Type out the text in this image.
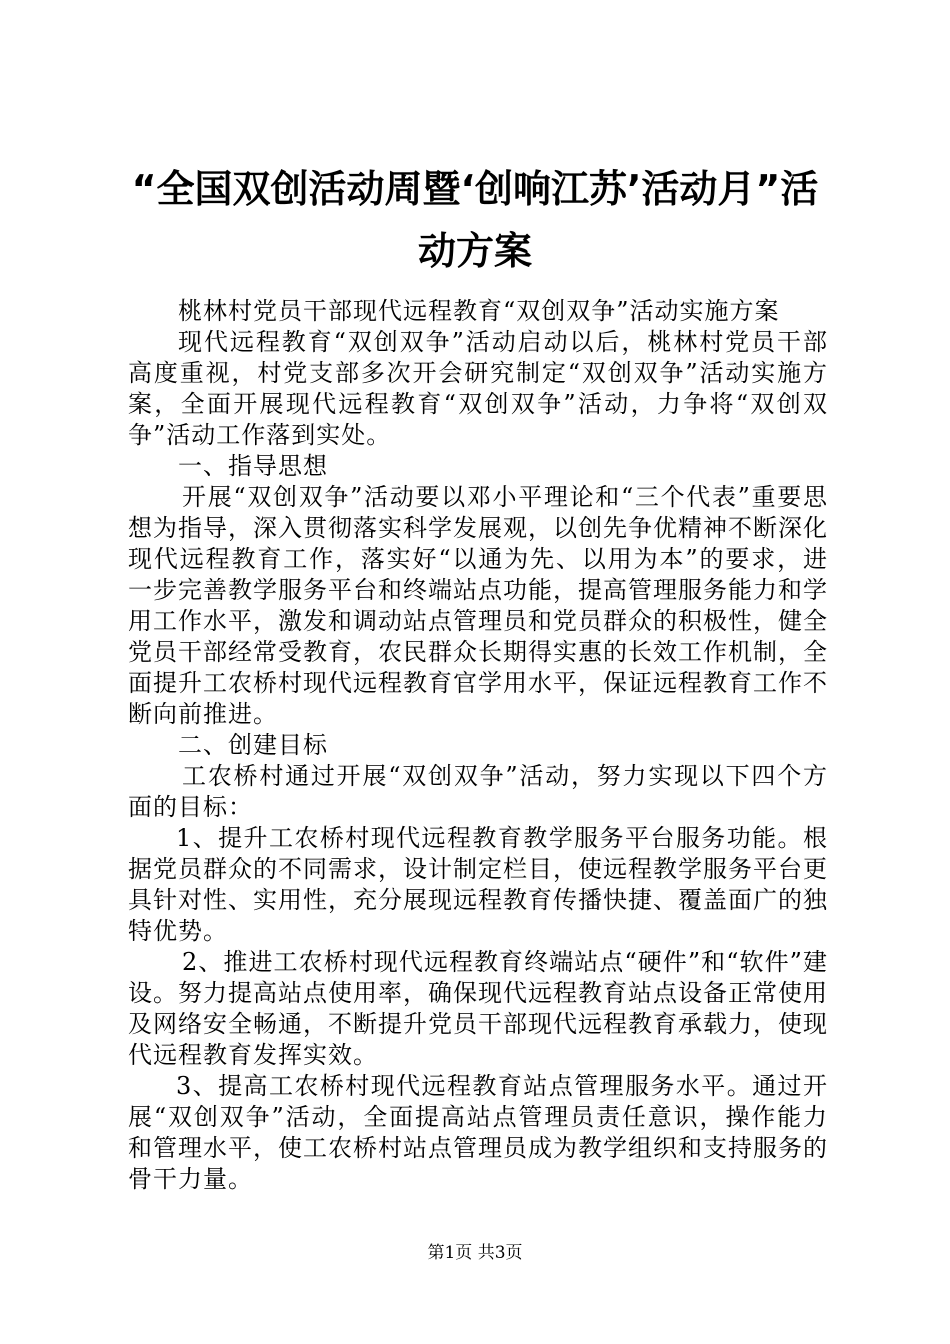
“全国双创活动周暨‘创响江苏’活动月”活动方案

桃林村党员干部现代远程教育“双创双争”活动实施方案

现代远程教育“双创双争”活动启动以后，桃林村党员干部高度重视，村党支部多次开会研究制定“双创双争”活动实施方案，全面开展现代远程教育“双创双争”活动，力争将“双创双争”活动工作落到实处。

一、指导思想

开展“双创双争”活动要以邓小平理论和“三个代表”重要思想为指导，深入贯彻落实科学发展观，以创先争优精神不断深化现代远程教育工作，落实好“以通为先、以用为本”的要求，进一步完善教学服务平台和终端站点功能，提高管理服务能力和学用工作水平，激发和调动站点管理员和党员群众的积极性，健全党员干部经常受教育，农民群众长期得实惠的长效工作机制，全面提升工农桥村现代远程教育官学用水平，保证远程教育工作不断向前推进。

二、创建目标

工农桥村通过开展“双创双争”活动，努力实现以下四个方面的目标：

1、提升工农桥村现代远程教育教学服务平台服务功能。根据党员群众的不同需求，设计制定栏目，使远程教学服务平台更具针对性、实用性，充分展现远程教育传播快捷、覆盖面广的独特优势。

2、推进工农桥村现代远程教育终端站点“硬件”和“软件”建设。努力提高站点使用率，确保现代远程教育站点设备正常使用及网络安全畅通，不断提升党员干部现代远程教育承载力，使现代远程教育发挥实效。

3、提高工农桥村现代远程教育站点管理服务水平。通过开展“双创双争”活动，全面提高站点管理员责任意识，操作能力和管理水平，使工农桥村站点管理员成为教学组织和支持服务的骨干力量。

第1页 共3页
